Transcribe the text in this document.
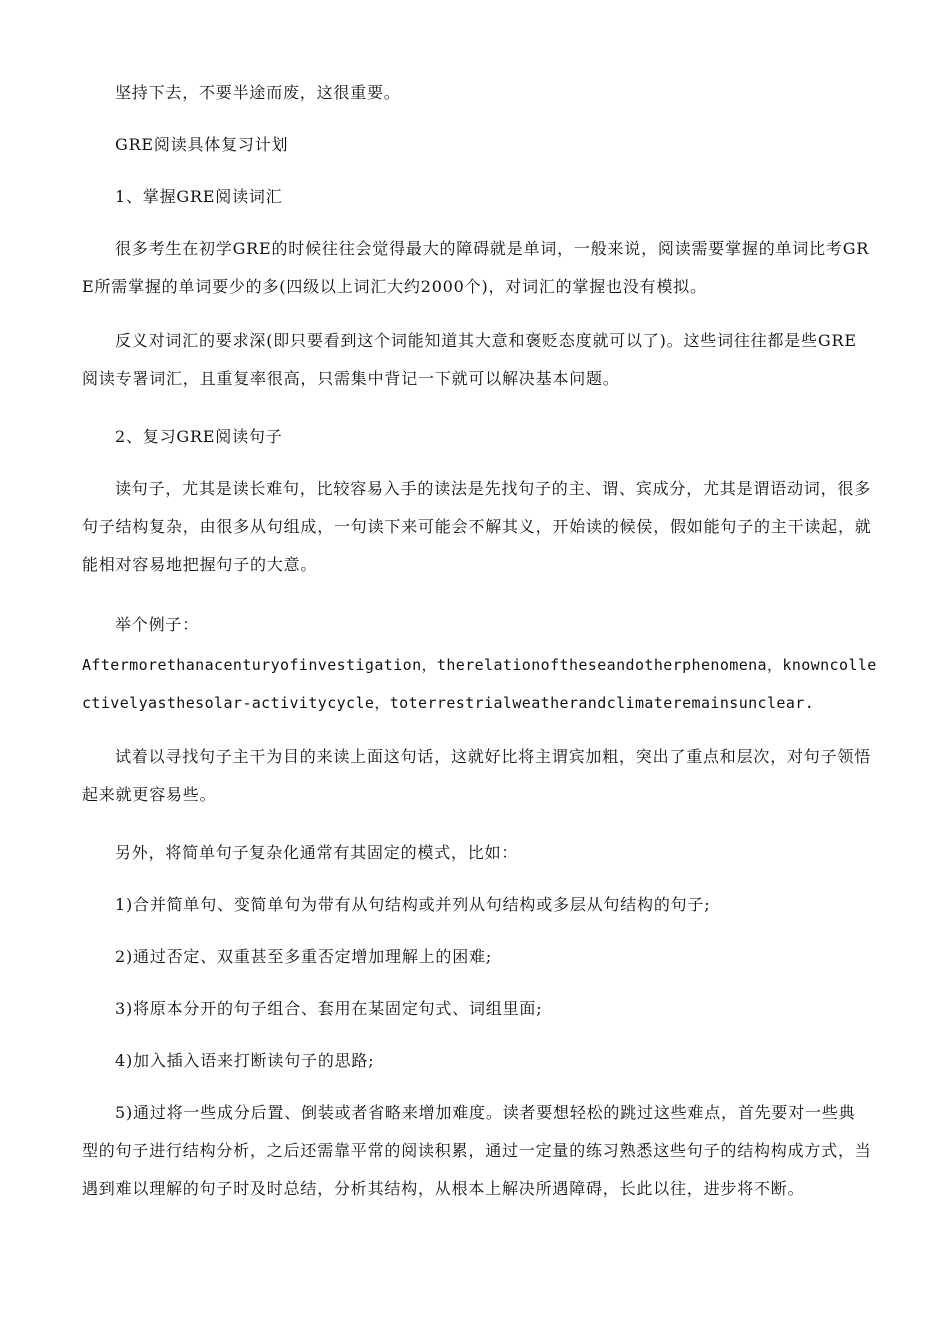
坚持下去，不要半途而废，这很重要。

GRE阅读具体复习计划

1、掌握GRE阅读词汇

很多考生在初学GRE的时候往往会觉得最大的障碍就是单词，一般来说，阅读需要掌握的单词比考GRE所需掌握的单词要少的多(四级以上词汇大约2000个)，对词汇的掌握也没有模拟。

反义对词汇的要求深(即只要看到这个词能知道其大意和褒贬态度就可以了)。这些词往往都是些GRE阅读专署词汇，且重复率很高，只需集中背记一下就可以解决基本问题。

2、复习GRE阅读句子

读句子，尤其是读长难句，比较容易入手的读法是先找句子的主、谓、宾成分，尤其是谓语动词，很多句子结构复杂，由很多从句组成，一句读下来可能会不解其义，开始读的候侯，假如能句子的主干读起，就能相对容易地把握句子的大意。

举个例子：

Aftermorethanacenturyofinvestigation，therelationoftheseandotherphenomena，knowncollectivelyasthesolar-activitycycle，toterrestrialweatherandclimateremainsunclear.

试着以寻找句子主干为目的来读上面这句话，这就好比将主谓宾加粗，突出了重点和层次，对句子领悟起来就更容易些。

另外，将简单句子复杂化通常有其固定的模式，比如：

1)合并简单句、变简单句为带有从句结构或并列从句结构或多层从句结构的句子;

2)通过否定、双重甚至多重否定增加理解上的困难;

3)将原本分开的句子组合、套用在某固定句式、词组里面;

4)加入插入语来打断读句子的思路;

5)通过将一些成分后置、倒装或者省略来增加难度。读者要想轻松的跳过这些难点，首先要对一些典型的句子进行结构分析，之后还需靠平常的阅读积累，通过一定量的练习熟悉这些句子的结构构成方式，当遇到难以理解的句子时及时总结，分析其结构，从根本上解决所遇障碍，长此以往，进步将不断。
